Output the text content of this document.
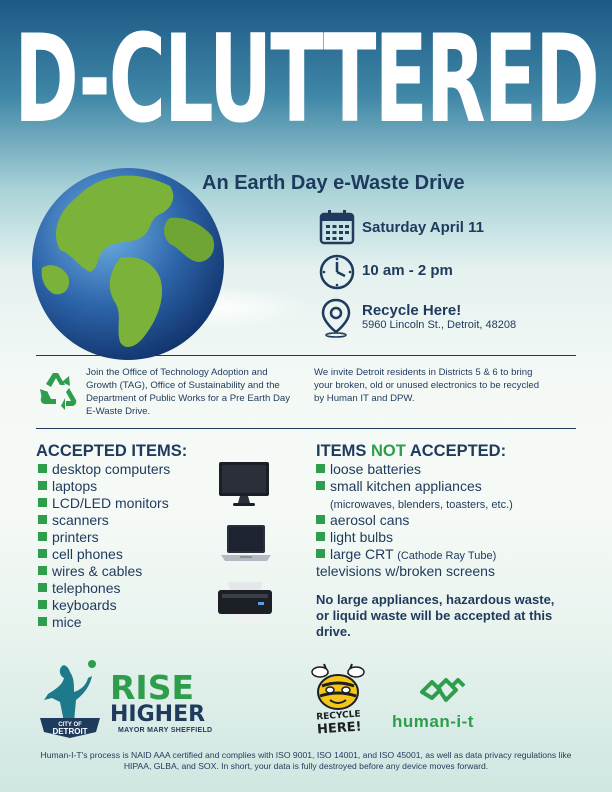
D-CLUTTERED
An Earth Day e-Waste Drive
Saturday April 11
10 am - 2 pm
Recycle Here!
5960 Lincoln St., Detroit, 48208
Join the Office of Technology Adoption and Growth (TAG), Office of Sustainability and the Department of Public Works for a Pre Earth Day E-Waste Drive.
We invite Detroit residents in Districts 5 & 6 to bring your broken, old or unused electronics to be recycled by Human IT and DPW.
ACCEPTED ITEMS:
desktop computers
laptops
LCD/LED monitors
scanners
printers
cell phones
wires & cables
telephones
keyboards
mice
ITEMS NOT ACCEPTED:
loose batteries
small kitchen appliances
(microwaves, blenders, toasters, etc.)
aerosol cans
light bulbs
large CRT (Cathode Ray Tube)
televisions w/broken screens
No large appliances, hazardous waste, or liquid waste will be accepted at this drive.
CITY OF
DETROIT
RISE
HIGHER
MAYOR MARY SHEFFIELD
RECYCLE
HERE!	human-i-t
Human-I-T's process is NAID AAA certified and complies with ISO 9001, ISO 14001, and ISO 45001, as well as data privacy regulations like HIPAA, GLBA, and SOX. In short, your data is fully destroyed before any device moves forward.
